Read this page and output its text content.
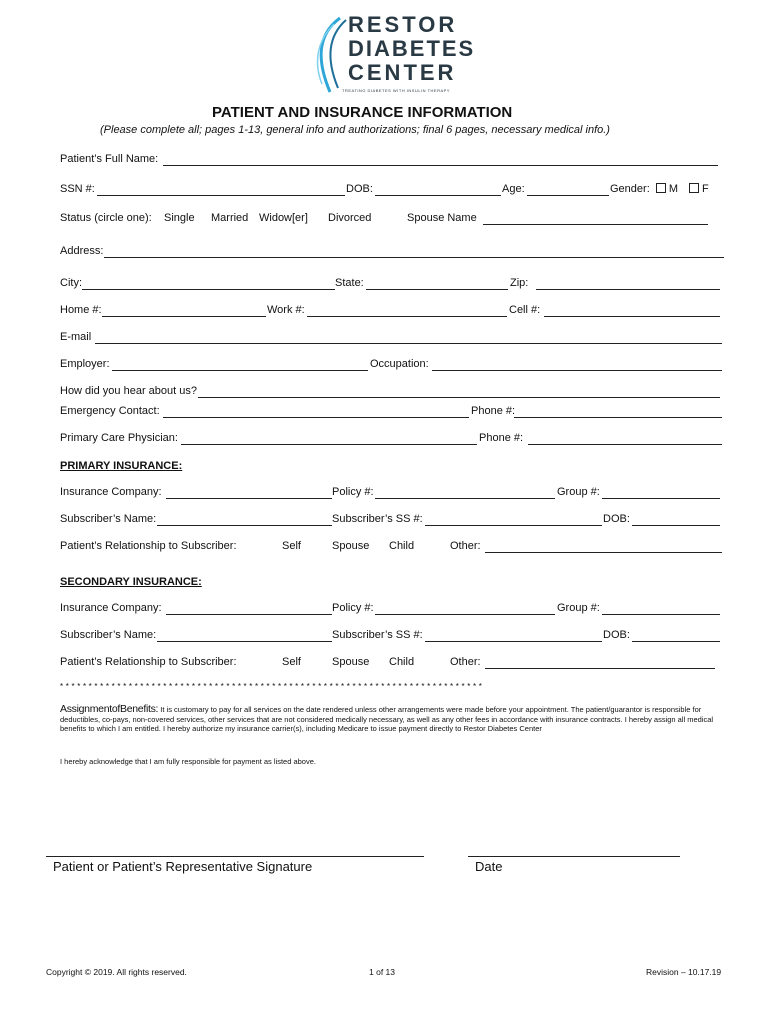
RESTOR
DIABETES
CENTER
TREATING DIABETES WITH INSULIN THERAPY
PATIENT AND INSURANCE INFORMATION
(Please complete all; pages 1-13, general info and authorizations; final 6 pages, necessary medical info.)
Patient’s Full Name:
SSN #:	DOB:	Age:	Gender: M F
Status (circle one): Single Married Widow[er] Divorced	Spouse Name
Address:
City:	State:	Zip:
Home #:	Work #:	Cell #:
E-mail
Employer:	Occupation:
How did you hear about us?
Emergency Contact:	Phone #:
Primary Care Physician:	Phone #:
PRIMARY INSURANCE:
Insurance Company:	Policy #:	Group #:
Subscriber’s Name:	Subscriber’s SS #:	DOB:
Patient’s Relationship to Subscriber:	Self	Spouse Child	Other:
SECONDARY INSURANCE:
Insurance Company:	Policy #:	Group #:
Subscriber’s Name:	Subscriber’s SS #:	DOB:
Patient’s Relationship to Subscriber:	Self	Spouse Child	Other:
* * * * * * * * * * * * * * * * * * * * * * * * * * * * * * * * * * * * * * * * * * * * * * * * * * * * * * * * * * * * * * * * * * * * * * * * * *
AssignmentofBenefits: It is customary to pay for all services on the date rendered unless other arrangements were made before your appointment. The patient/guarantor is responsible for deductibles, co-pays, non-covered services, other services that are not considered medically necessary, as well as any other fees in accordance with insurance contracts. I hereby assign all medical benefits to which I am entitled. I hereby authorize my insurance carrier(s), including Medicare to issue payment directly to Restor Diabetes Center
I hereby acknowledge that I am fully responsible for payment as listed above.
Patient or Patient’s Representative Signature	Date
Copyright © 2019. All rights reserved.	1 of 13	Revision – 10.17.19
